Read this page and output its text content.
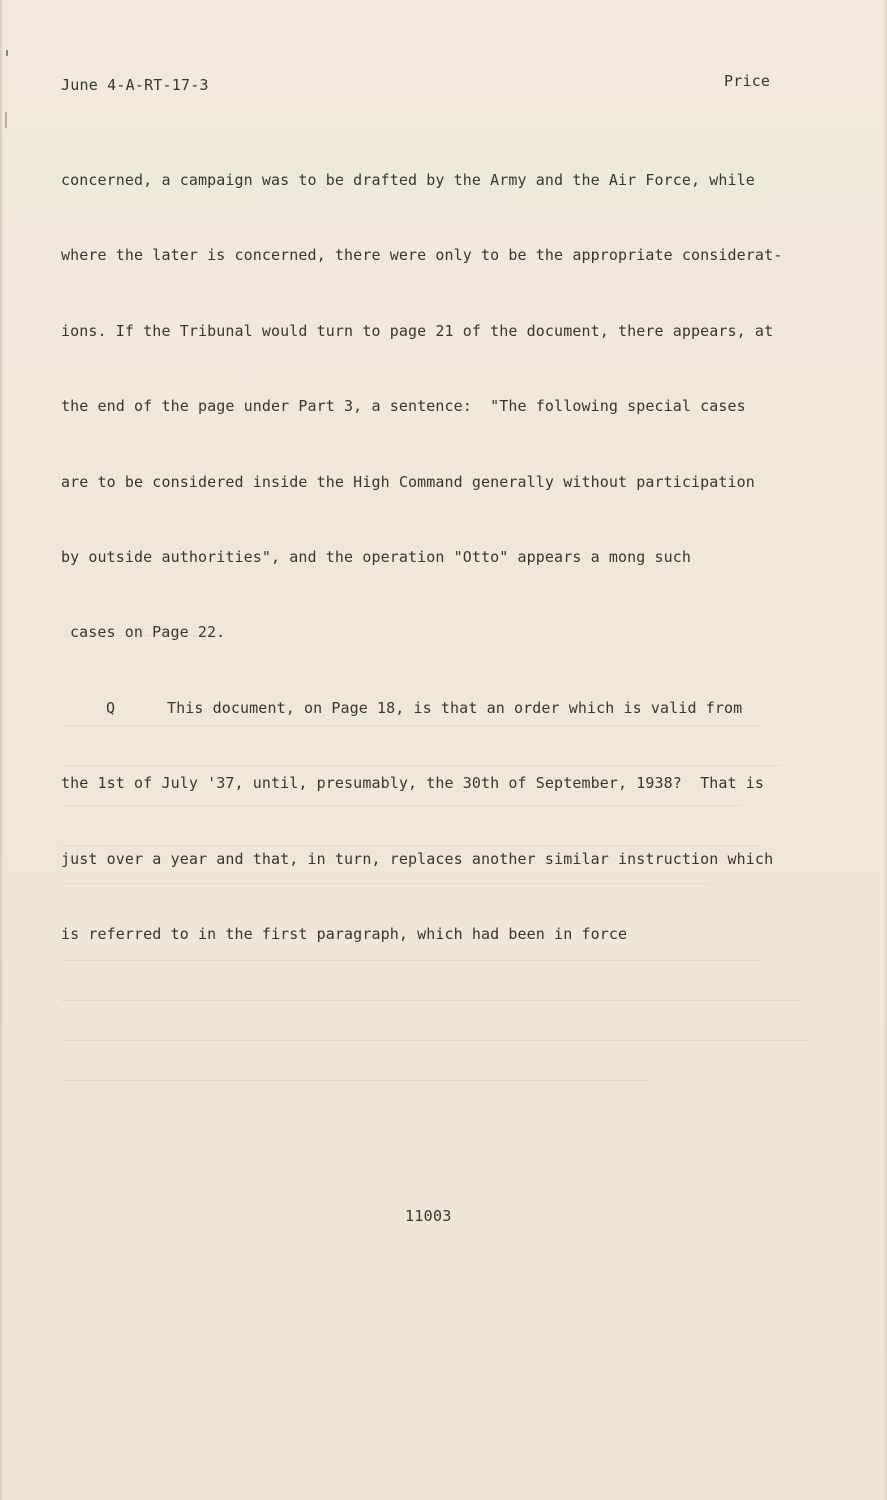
June 4-A-RT-17-3	Price

concerned, a campaign was to be drafted by the Army and the Air Force, while

where the later is concerned, there were only to be the appropriate considerat-

ions. If the Tribunal would turn to page 21 of the document, there appears, at

the end of the page under Part 3, a sentence:  "The following special cases

are to be considered inside the High Command generally without participation

by outside authorities", and the operation "Otto" appears a mong such

cases on Page 22.

Q	This document, on Page 18, is that an order which is valid from

the 1st of July '37, until, presumably, the 30th of September, 1938?  That is

just over a year and that, in turn, replaces another similar instruction which

is referred to in the first paragraph, which had been in force

11003
